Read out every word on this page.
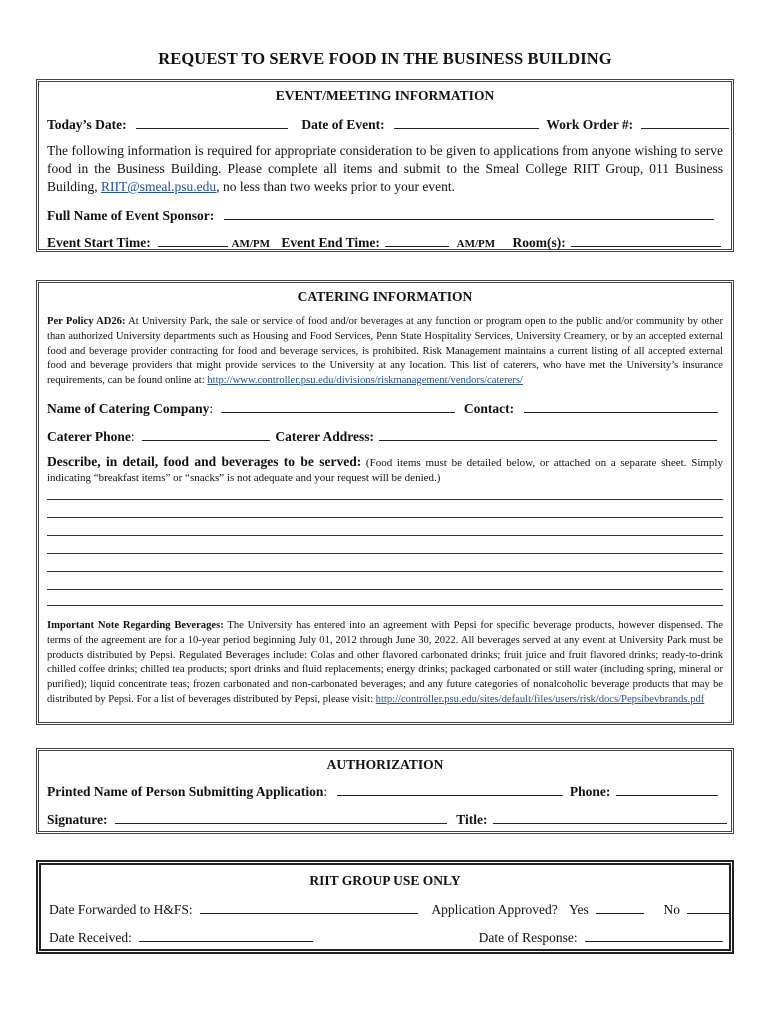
REQUEST TO SERVE FOOD IN THE BUSINESS BUILDING
EVENT/MEETING INFORMATION
Today’s Date:	Date of Event:	Work Order #:
The following information is required for appropriate consideration to be given to applications from anyone wishing to serve food in the Business Building. Please complete all items and submit to the Smeal College RIIT Group, 011 Business Building, RIIT@smeal.psu.edu, no less than two weeks prior to your event.
Full Name of Event Sponsor:
Event Start Time:	AM/PM Event End Time:	AM/PM Room(s):
CATERING INFORMATION
Per Policy AD26: At University Park, the sale or service of food and/or beverages at any function or program open to the public and/or community by other than authorized University departments such as Housing and Food Services, Penn State Hospitality Services, University Creamery, or by an accepted external food and beverage provider contracting for food and beverage services, is prohibited. Risk Management maintains a current listing of all accepted external food and beverage providers that might provide services to the University at any location. This list of caterers, who have met the University’s insurance requirements, can be found online at: http://www.controller.psu.edu/divisions/riskmanagement/vendors/caterers/
Name of Catering Company:	Contact:
Caterer Phone:	Caterer Address:
Describe, in detail, food and beverages to be served: (Food items must be detailed below, or attached on a separate sheet. Simply indicating “breakfast items” or “snacks” is not adequate and your request will be denied.)
Important Note Regarding Beverages: The University has entered into an agreement with Pepsi for specific beverage products, however dispensed. The terms of the agreement are for a 10-year period beginning July 01, 2012 through June 30, 2022. All beverages served at any event at University Park must be products distributed by Pepsi. Regulated Beverages include: Colas and other flavored carbonated drinks; fruit juice and fruit flavored drinks; ready-to-drink chilled coffee drinks; chilled tea products; sport drinks and fluid replacements; energy drinks; packaged carbonated or still water (including spring, mineral or purified); liquid concentrate teas; frozen carbonated and non-carbonated beverages; and any future categories of nonalcoholic beverage products that may be distributed by Pepsi. For a list of beverages distributed by Pepsi, please visit: http://controller.psu.edu/sites/default/files/users/risk/docs/Pepsibevbrands.pdf
AUTHORIZATION
Printed Name of Person Submitting Application:	Phone:
Signature:	Title:
RIIT GROUP USE ONLY
Date Forwarded to H&FS:	Application Approved? Yes	No
Date Received:	Date of Response:
